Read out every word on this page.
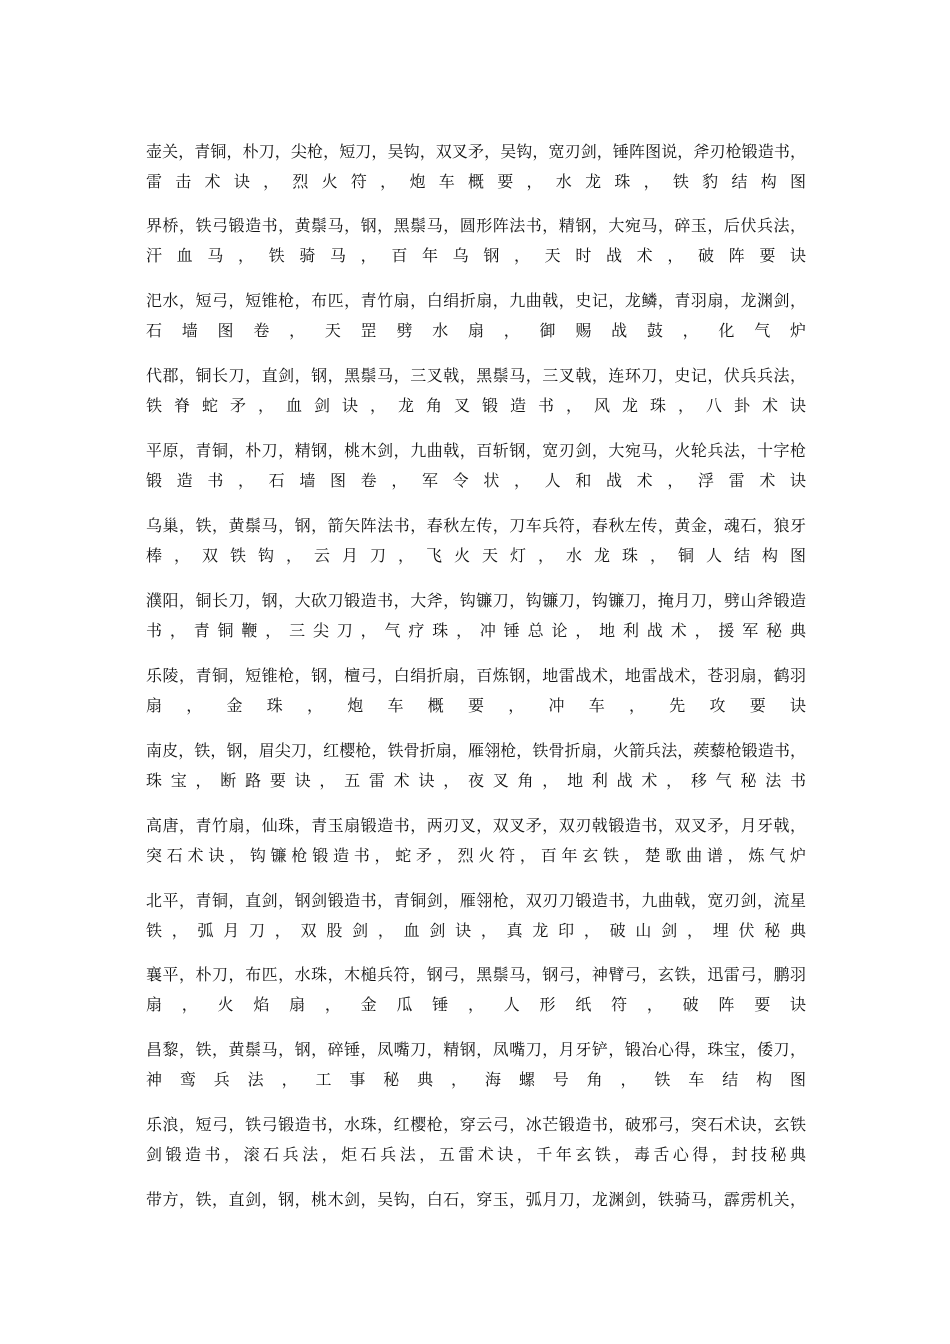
壶关，青铜，朴刀，尖枪，短刀，吴钩，双叉矛，吴钩，宽刃剑，锤阵图说，斧刃枪锻造书，
雷击术诀，烈火符，炮车概要，水龙珠，铁豹结构图
界桥，铁弓锻造书，黄鬃马，钢，黑鬃马，圆形阵法书，精钢，大宛马，碎玉，后伏兵法，
汗血马，铁骑马，百年乌钢，天时战术，破阵要诀
汜水，短弓，短锥枪，布匹，青竹扇，白绢折扇，九曲戟，史记，龙鳞，青羽扇，龙渊剑，
石墙图卷，天罡劈水扇，御赐战鼓，化气炉
代郡，铜长刀，直剑，钢，黑鬃马，三叉戟，黑鬃马，三叉戟，连环刀，史记，伏兵兵法，
铁脊蛇矛，血剑诀，龙角叉锻造书，风龙珠，八卦术诀
平原，青铜，朴刀，精钢，桃木剑，九曲戟，百斩钢，宽刃剑，大宛马，火轮兵法，十字枪
锻造书，石墙图卷，军令状，人和战术，浮雷术诀
乌巢，铁，黄鬃马，钢，箭矢阵法书，春秋左传，刀车兵符，春秋左传，黄金，魂石，狼牙
棒，双铁钩，云月刀，飞火天灯，水龙珠，铜人结构图
濮阳，铜长刀，钢，大砍刀锻造书，大斧，钩镰刀，钩镰刀，钩镰刀，掩月刀，劈山斧锻造
书，青铜鞭，三尖刀，气疗珠，冲锤总论，地利战术，援军秘典
乐陵，青铜，短锥枪，钢，檀弓，白绢折扇，百炼钢，地雷战术，地雷战术，苍羽扇，鹤羽
扇，金珠，炮车概要，冲车，先攻要诀
南皮，铁，钢，眉尖刀，红樱枪，铁骨折扇，雁翎枪，铁骨折扇，火箭兵法，蒺藜枪锻造书，
珠宝，断路要诀，五雷术诀，夜叉角，地利战术，移气秘法书
高唐，青竹扇，仙珠，青玉扇锻造书，两刃叉，双叉矛，双刃戟锻造书，双叉矛，月牙戟，
突石术诀，钩镰枪锻造书，蛇矛，烈火符，百年玄铁，楚歌曲谱，炼气炉
北平，青铜，直剑，钢剑锻造书，青铜剑，雁翎枪，双刃刀锻造书，九曲戟，宽刃剑，流星
铁，弧月刀，双股剑，血剑诀，真龙印，破山剑，埋伏秘典
襄平，朴刀，布匹，水珠，木槌兵符，钢弓，黑鬃马，钢弓，神臂弓，玄铁，迅雷弓，鹏羽
扇，火焰扇，金瓜锤，人形纸符，破阵要诀
昌黎，铁，黄鬃马，钢，碎锤，凤嘴刀，精钢，凤嘴刀，月牙铲，锻冶心得，珠宝，倭刀，
神鸾兵法，工事秘典，海螺号角，铁车结构图
乐浪，短弓，铁弓锻造书，水珠，红樱枪，穿云弓，冰芒锻造书，破邪弓，突石术诀，玄铁
剑锻造书，滚石兵法，炬石兵法，五雷术诀，千年玄铁，毒舌心得，封技秘典
带方，铁，直剑，钢，桃木剑，吴钩，白石，穿玉，弧月刀，龙渊剑，铁骑马，霹雳机关，
